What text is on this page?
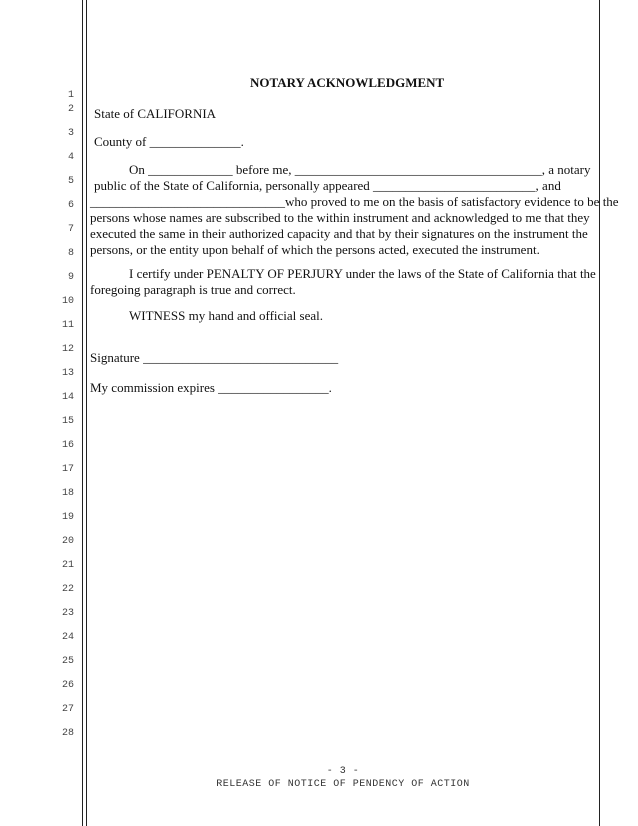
1
2
3
4
5
6
7
8
9
10
11
12
13
14
15
16
17
18
19
20
21
22
23
24
25
26
27
28
NOTARY ACKNOWLEDGMENT
State of CALIFORNIA
County of ______________.
On _____________ before me, ______________________________________, a notary
public of the State of California, personally appeared _________________________, and
______________________________who proved to me on the basis of satisfactory evidence to be the
persons whose names are subscribed to the within instrument and acknowledged to me that they
executed the same in their authorized capacity and that by their signatures on the instrument the
persons, or the entity upon behalf of which the persons acted, executed the instrument.
I certify under PENALTY OF PERJURY under the laws of the State of California that the
foregoing paragraph is true and correct.
WITNESS my hand and official seal.
Signature ______________________________
My commission expires _________________.
- 3 -
RELEASE OF NOTICE OF PENDENCY OF ACTION
